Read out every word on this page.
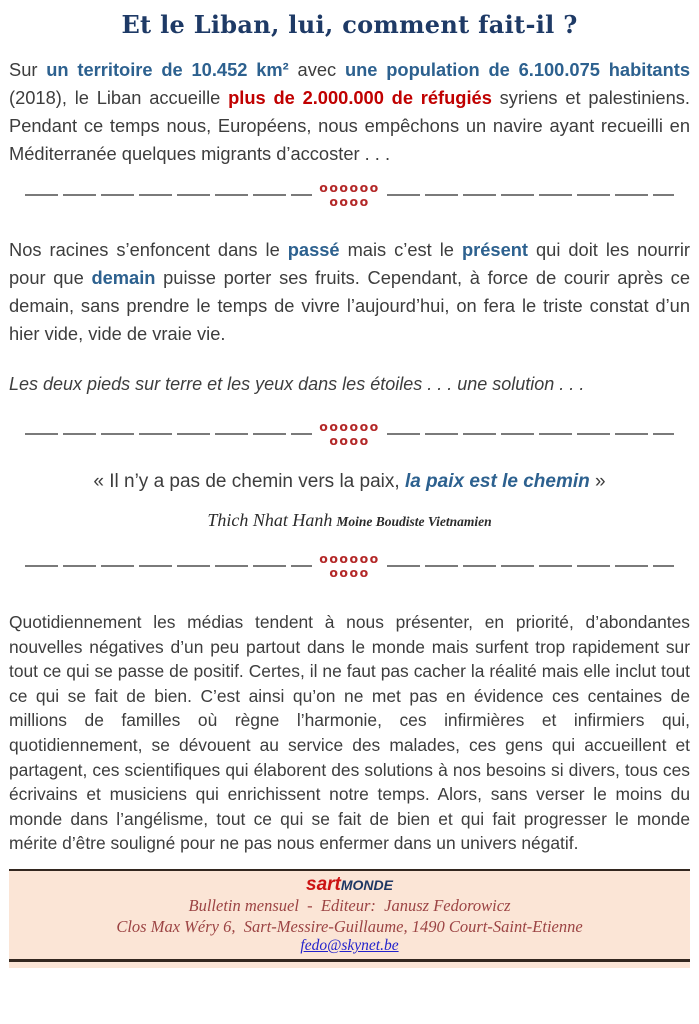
Et le Liban, lui, comment fait-il ?

Sur un territoire de 10.452 km² avec une population de 6.100.075 habitants (2018), le Liban accueille plus de 2.000.000 de réfugiés syriens et palestiniens. Pendant ce temps nous, Européens, nous empêchons un navire ayant recueilli en Méditerranée quelques migrants d’accoster . . .

oooooo
oooo

Nos racines s’enfoncent dans le passé mais c’est le présent qui doit les nourrir pour que demain puisse porter ses fruits. Cependant, à force de courir après ce demain, sans prendre le temps de vivre l’aujourd’hui, on fera le triste constat d’un hier vide, vide de vraie vie.

Les deux pieds sur terre et les yeux dans les étoiles . . . une solution . . .

oooooo
oooo

« Il n’y a pas de chemin vers la paix, la paix est le chemin »

Thich Nhat Hanh Moine Boudiste Vietnamien

oooooo
oooo

Quotidiennement les médias tendent à nous présenter, en priorité, d’abondantes nouvelles négatives d’un peu partout dans le monde mais surfent trop rapidement sur tout ce qui se passe de positif. Certes, il ne faut pas cacher la réalité mais elle inclut tout ce qui se fait de bien. C’est ainsi qu’on ne met pas en évidence ces centaines de millions de familles où règne l’harmonie, ces infirmières et infirmiers qui, quotidiennement, se dévouent au service des malades, ces gens qui accueillent et partagent, ces scientifiques qui élaborent des solutions à nos besoins si divers, tous ces écrivains et musiciens qui enrichissent notre temps. Alors, sans verser le moins du monde dans l’angélisme, tout ce qui se fait de bien et qui fait progresser le monde mérite d’être souligné pour ne pas nous enfermer dans un univers négatif.

sartMONDE
Bulletin mensuel  -  Editeur:  Janusz Fedorowicz
Clos Max Wéry 6,  Sart-Messire-Guillaume, 1490 Court-Saint-Etienne
fedo@skynet.be
